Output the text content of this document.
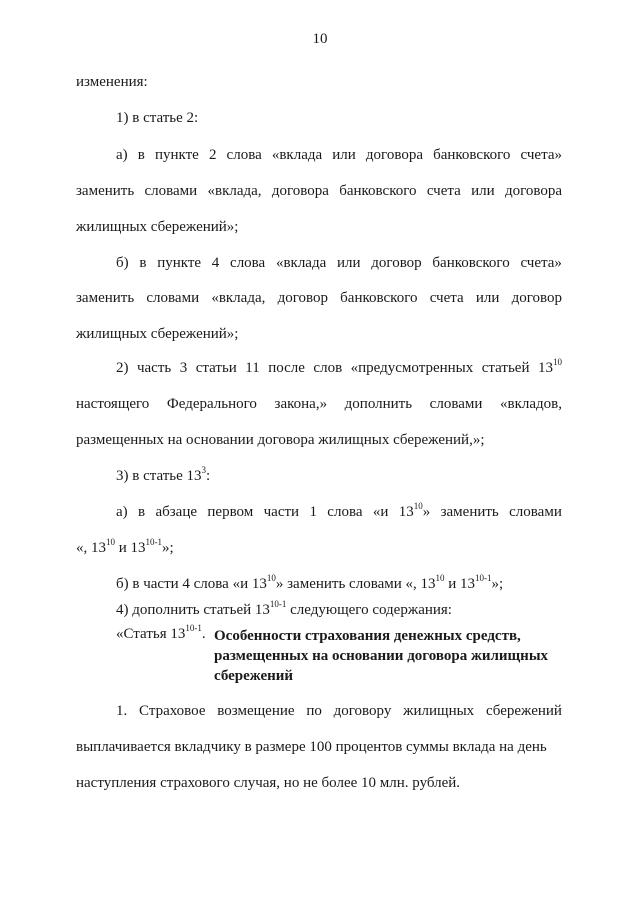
10
изменения:
1) в статье 2:
а) в пункте 2 слова «вклада или договора банковского счета»
заменить словами «вклада, договора банковского счета или договора
жилищных сбережений»;
б) в пункте 4 слова «вклада или договор банковского счета»
заменить словами «вклада, договор банковского счета или договор
жилищных сбережений»;
2) часть 3 статьи 11 после слов «предусмотренных статьей $13^{10}$
настоящего Федерального закона,» дополнить словами «вкладов,
размещенных на основании договора жилищных сбережений,»;
3) в статье $13^3$:
а) в абзаце первом части 1 слова «и $13^{10}$» заменить словами
«, $13^{10}$ и 13$^{10-1}$»;
б) в части 4 слова «и $13^{10}$» заменить словами «, $13^{10}$ и 13$^{10-1}$»;
4) дополнить статьей 13$^{10-1}$ следующего содержания:
«Статья 13$^{10-1}$. Особенности страхования денежных средств, размещенных на основании договора жилищных сбережений
1. Страховое возмещение по договору жилищных сбережений
выплачивается вкладчику в размере 100 процентов суммы вклада на день
наступления страхового случая, но не более 10 млн. рублей.
